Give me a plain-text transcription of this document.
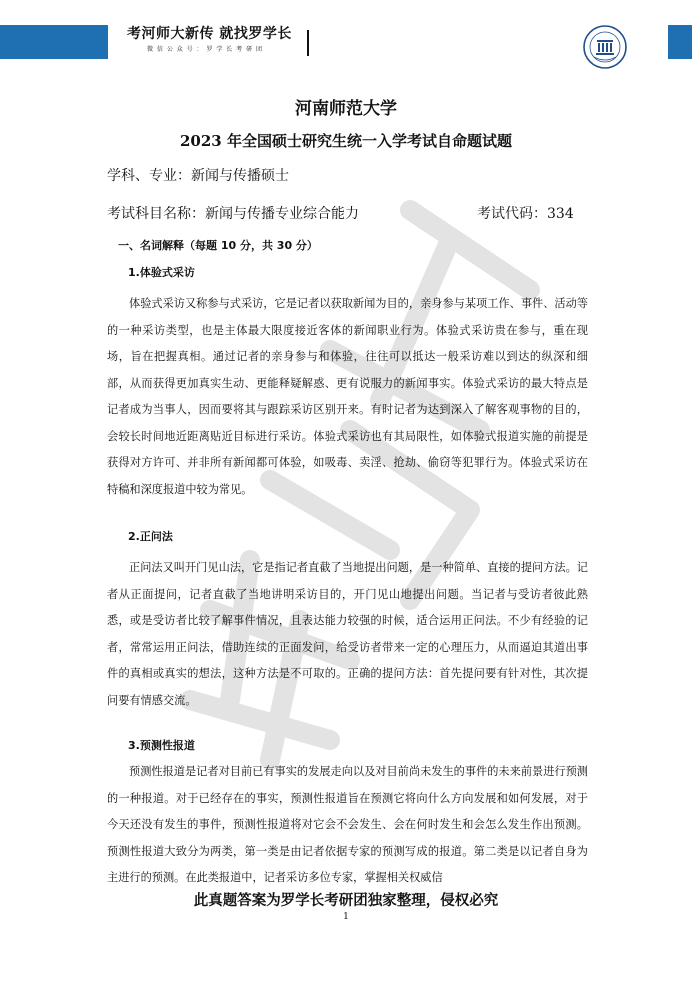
考河师大新传 就找罗学长
微 信 公 众 号 ： 罗 学 长 考 研 团
河南师范大学
2023 年全国硕士研究生统一入学考试自命题试题
学科、专业：新闻与传播硕士
考试科目名称：新闻与传播专业综合能力	考试代码：334
一、名词解释（每题 10 分，共 30 分）
1.体验式采访

体验式采访又称参与式采访，它是记者以获取新闻为目的，亲身参与某项工作、事件、活动等的一种采访类型，也是主体最大限度接近客体的新闻职业行为。体验式采访贵在参与，重在现场，旨在把握真相。通过记者的亲身参与和体验，往往可以抵达一般采访难以到达的纵深和细部，从而获得更加真实生动、更能释疑解惑、更有说服力的新闻事实。体验式采访的最大特点是记者成为当事人，因而要将其与跟踪采访区别开来。有时记者为达到深入了解客观事物的目的，会较长时间地近距离贴近目标进行采访。体验式采访也有其局限性，如体验式报道实施的前提是获得对方许可、并非所有新闻都可体验，如吸毒、卖淫、抢劫、偷窃等犯罪行为。体验式采访在特稿和深度报道中较为常见。

2.正问法

正问法又叫开门见山法，它是指记者直截了当地提出问题，是一种简单、直接的提问方法。记者从正面提问，记者直截了当地讲明采访目的，开门见山地提出问题。当记者与受访者彼此熟悉，或是受访者比较了解事件情况，且表达能力较强的时候，适合运用正问法。不少有经验的记者，常常运用正问法，借助连续的正面发问，给受访者带来一定的心理压力，从而逼迫其道出事件的真相或真实的想法，这种方法是不可取的。正确的提问方法：首先提问要有针对性，其次提问要有情感交流。

3.预测性报道

预测性报道是记者对目前已有事实的发展走向以及对目前尚未发生的事件的未来前景进行预测的一种报道。对于已经存在的事实，预测性报道旨在预测它将向什么方向发展和如何发展，对于今天还没有发生的事件，预测性报道将对它会不会发生、会在何时发生和会怎么发生作出预测。预测性报道大致分为两类，第一类是由记者依据专家的预测写成的报道。第二类是以记者自身为主进行的预测。在此类报道中，记者采访多位专家，掌握相关权威信

此真题答案为罗学长考研团独家整理，侵权必究
1
